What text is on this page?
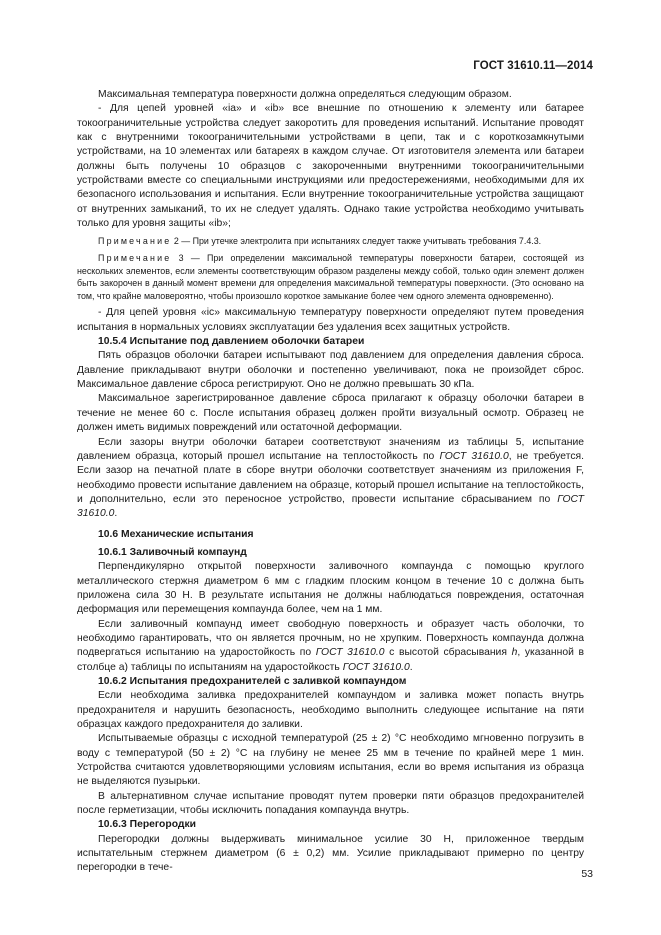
ГОСТ 31610.11—2014

Максимальная температура поверхности должна определяться следующим образом.

- Для цепей уровней «ia» и «ib» все внешние по отношению к элементу или батарее токоограничительные устройства следует закоротить для проведения испытаний. Испытание проводят как с внутренними токоограничительными устройствами в цепи, так и с короткозамкнутыми устройствами, на 10 элементах или батареях в каждом случае. От изготовителя элемента или батареи должны быть получены 10 образцов с закороченными внутренними токоограничительными устройствами вместе со специальными инструкциями или предостережениями, необходимыми для их безопасного использования и испытания. Если внутренние токоограничительные устройства защищают от внутренних замыканий, то их не следует удалять. Однако такие устройства необходимо учитывать только для уровня защиты «ib»;

Примечание 2 — При утечке электролита при испытаниях следует также учитывать требования 7.4.3.

Примечание 3 — При определении максимальной температуры поверхности батареи, состоящей из нескольких элементов, если элементы соответствующим образом разделены между собой, только один элемент должен быть закорочен в данный момент времени для определения максимальной температуры поверхности. (Это основано на том, что крайне маловероятно, чтобы произошло короткое замыкание более чем одного элемента одновременно).

- Для цепей уровня «ic» максимальную температуру поверхности определяют путем проведения испытания в нормальных условиях эксплуатации без удаления всех защитных устройств.

10.5.4 Испытание под давлением оболочки батареи

Пять образцов оболочки батареи испытывают под давлением для определения давления сброса. Давление прикладывают внутри оболочки и постепенно увеличивают, пока не произойдет сброс. Максимальное давление сброса регистрируют. Оно не должно превышать 30 кПа.

Максимальное зарегистрированное давление сброса прилагают к образцу оболочки батареи в течение не менее 60 с. После испытания образец должен пройти визуальный осмотр. Образец не должен иметь видимых повреждений или остаточной деформации.

Если зазоры внутри оболочки батареи соответствуют значениям из таблицы 5, испытание давлением образца, который прошел испытание на теплостойкость по ГОСТ 31610.0, не требуется. Если зазор на печатной плате в сборе внутри оболочки соответствует значениям из приложения F, необходимо провести испытание давлением на образце, который прошел испытание на теплостойкость, и дополнительно, если это переносное устройство, провести испытание сбрасыванием по ГОСТ 31610.0.

10.6 Механические испытания

10.6.1 Заливочный компаунд

Перпендикулярно открытой поверхности заливочного компаунда с помощью круглого металлического стержня диаметром 6 мм с гладким плоским концом в течение 10 с должна быть приложена сила 30 Н. В результате испытания не должны наблюдаться повреждения, остаточная деформация или перемещения компаунда более, чем на 1 мм.

Если заливочный компаунд имеет свободную поверхность и образует часть оболочки, то необходимо гарантировать, что он является прочным, но не хрупким. Поверхность компаунда должна подвергаться испытанию на ударостойкость по ГОСТ 31610.0 с высотой сбрасывания h, указанной в столбце а) таблицы по испытаниям на ударостойкость ГОСТ 31610.0.

10.6.2 Испытания предохранителей с заливкой компаундом

Если необходима заливка предохранителей компаундом и заливка может попасть внутрь предохранителя и нарушить безопасность, необходимо выполнить следующее испытание на пяти образцах каждого предохранителя до заливки.

Испытываемые образцы с исходной температурой (25 ± 2) °С необходимо мгновенно погрузить в воду с температурой (50 ± 2) °С на глубину не менее 25 мм в течение по крайней мере 1 мин. Устройства считаются удовлетворяющими условиям испытания, если во время испытания из образца не выделяются пузырьки.

В альтернативном случае испытание проводят путем проверки пяти образцов предохранителей после герметизации, чтобы исключить попадания компаунда внутрь.

10.6.3 Перегородки

Перегородки должны выдерживать минимальное усилие 30 Н, приложенное твердым испытательным стержнем диаметром (6 ± 0,2) мм. Усилие прикладывают примерно по центру перегородки в тече-

53
